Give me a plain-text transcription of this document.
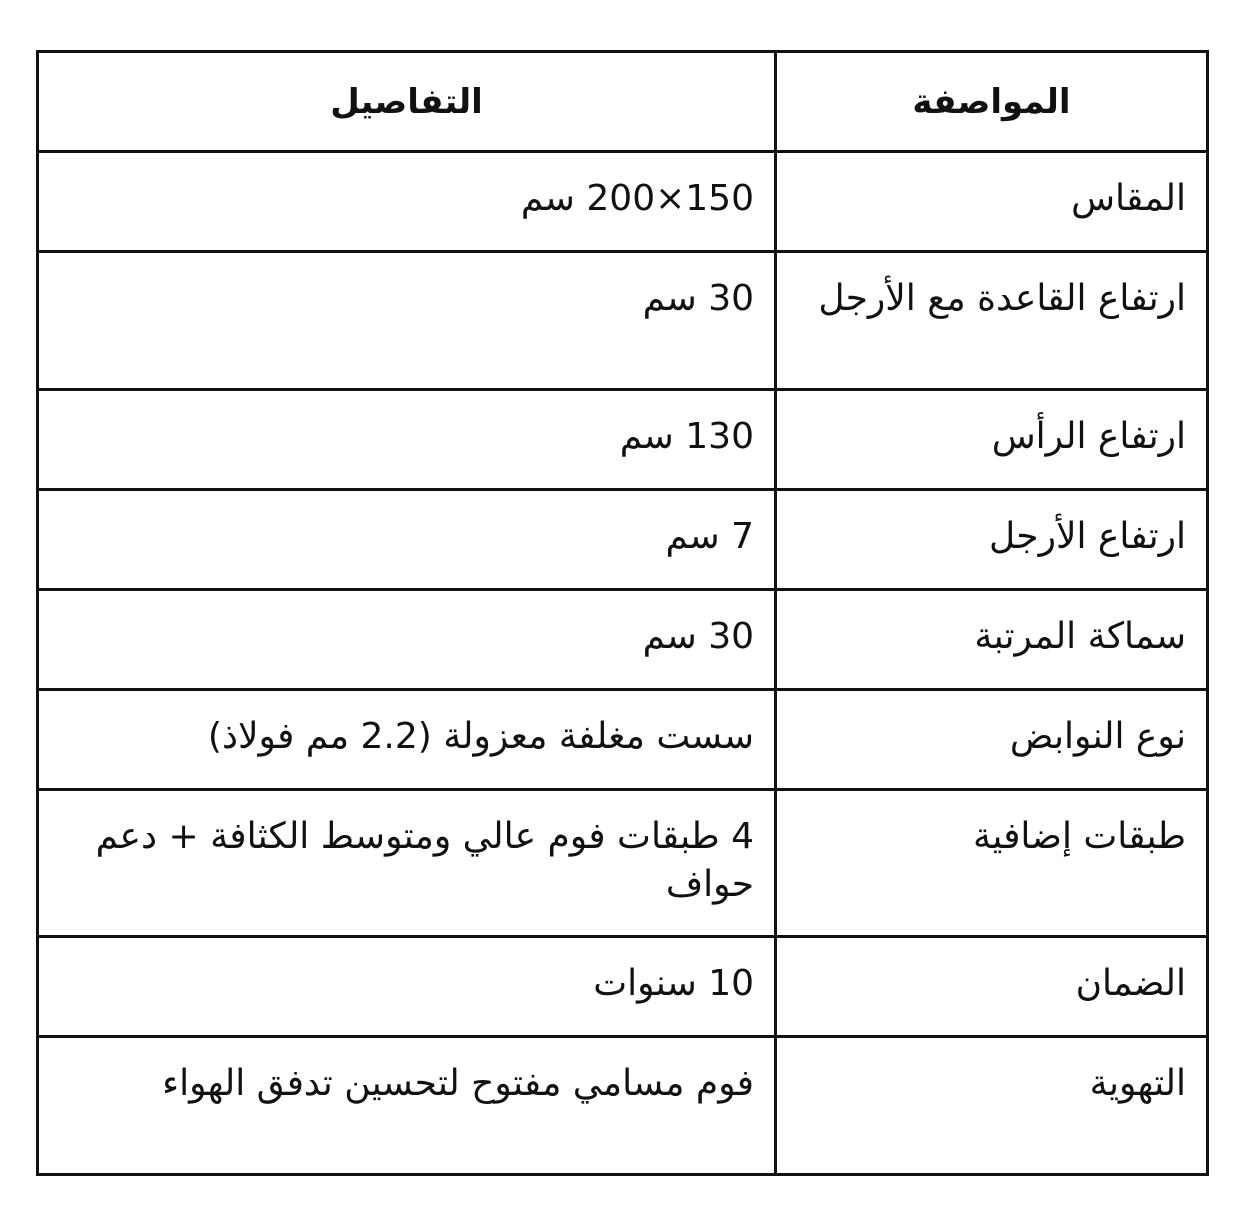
المواصفة	التفاصيل
المقاس	150×200 سم
ارتفاع القاعدة مع الأرجل	30 سم
ارتفاع الرأس	130 سم
ارتفاع الأرجل	7 سم
سماكة المرتبة	30 سم
نوع النوابض	سست مغلفة معزولة (2.2 مم فولاذ)
طبقات إضافية	4 طبقات فوم عالي ومتوسط الكثافة + دعم حواف
الضمان	10 سنوات
التهوية	فوم مسامي مفتوح لتحسين تدفق الهواء
